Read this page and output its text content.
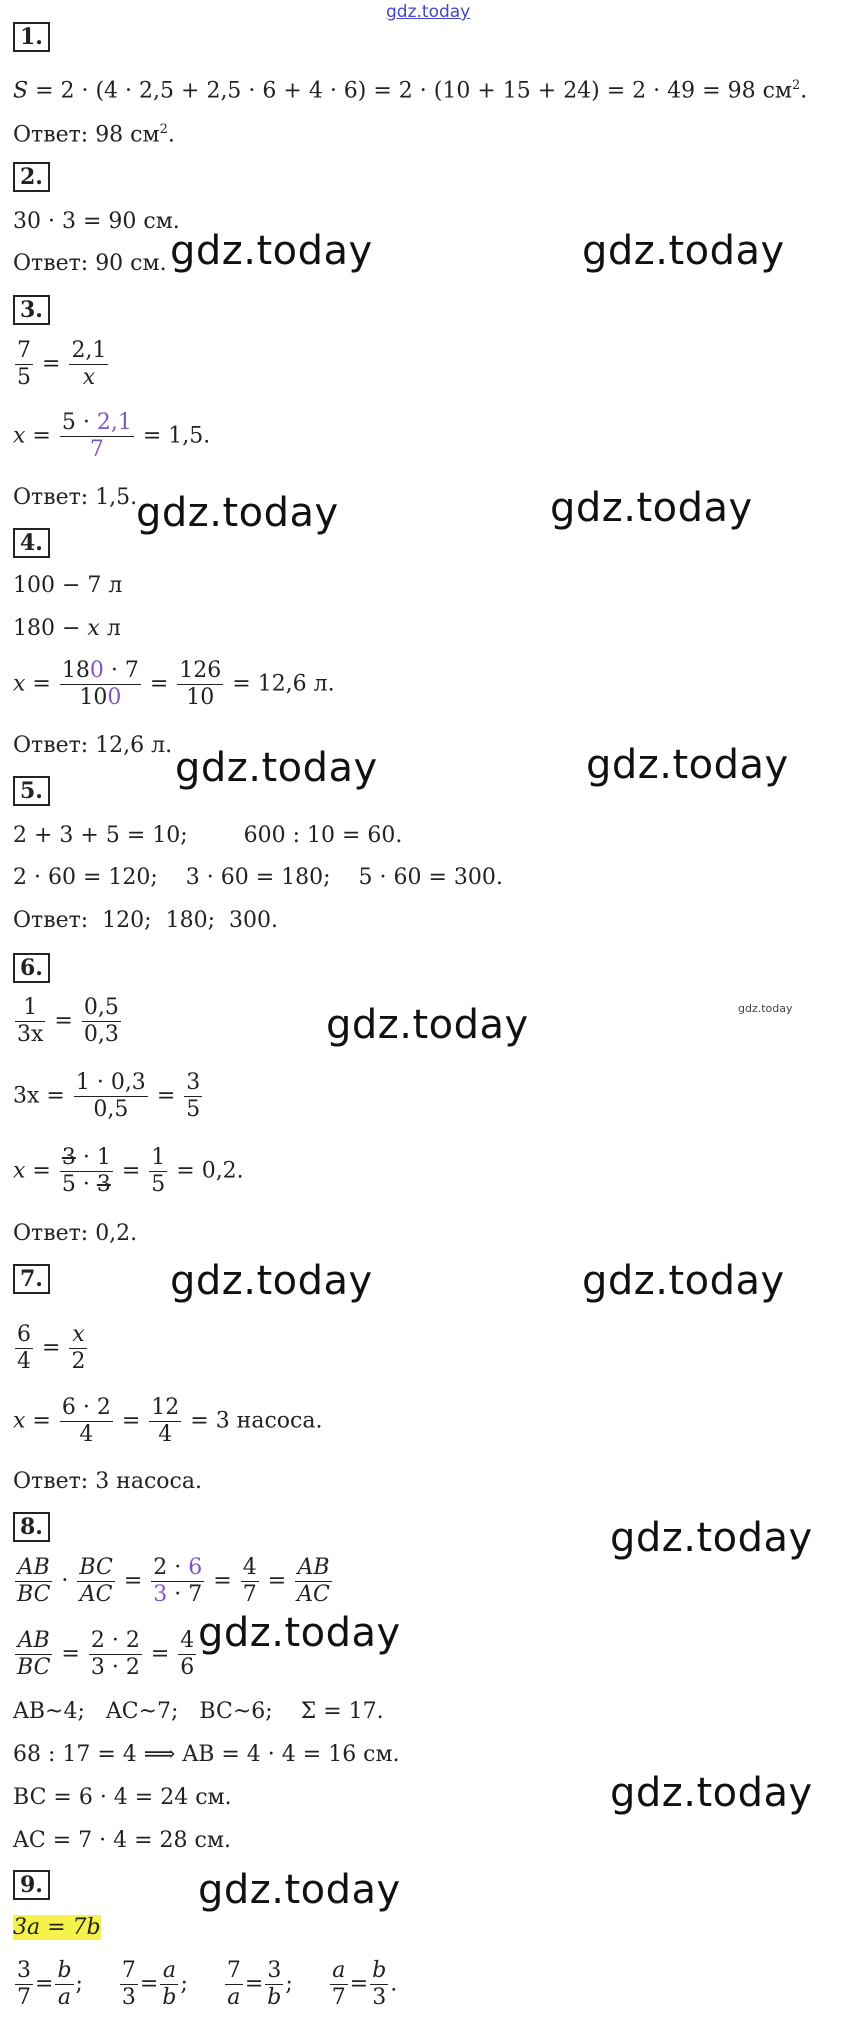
gdz.today
1.
S = 2 · (4 · 2,5 + 2,5 · 6 + 4 · 6) = 2 · (10 + 15 + 24) = 2 · 49 = 98 $см^2$.
Ответ: 98 $см^2$.
2.
30 · 3 = 90 см.
Ответ: 90 см.
3.
$\frac{7}{5} = \frac{2,1}{x}$
$x = \frac{5 \cdot 2,1}{7} = 1,5$.
Ответ: 1,5.
4.
100 − 7 л
180 − x л
$x = \frac{180 \cdot 7}{100} = \frac{126}{10} = 12,6$ л.
Ответ: 12,6 л.
5.
2 + 3 + 5 = 10;        600 : 10 = 60.
2 · 60 = 120;    3 · 60 = 180;    5 · 60 = 300.
Ответ:  120;  180;  300.
6.
$\frac{1}{3x} = \frac{0,5}{0,3}$
$3x = \frac{1 \cdot 0,3}{0,5} = \frac{3}{5}$
$x = \frac{3 \cdot 1}{5 \cdot 3} = \frac{1}{5} = 0,2$.
Ответ: 0,2.
7.
$\frac{6}{4} = \frac{x}{2}$
$x = \frac{6 \cdot 2}{4} = \frac{12}{4} = 3$ насоса.
Ответ: 3 насоса.
8.
$\frac{AB}{BC} \cdot \frac{BC}{AC} = \frac{2 \cdot 6}{3 \cdot 7} = \frac{4}{7} = \frac{AB}{AC}$
$\frac{AB}{BC} = \frac{2 \cdot 2}{3 \cdot 2} = \frac{4}{6}$
AB~4;   AC~7;   BC~6;    Σ = 17.
68 : 17 = 4 ⟹ AB = 4 · 4 = 16 см.
BC = 6 · 4 = 24 см.
AC = 7 · 4 = 28 см.
9.
3a = 7b
$\frac{3}{7} = \frac{b}{a}$ ; $\frac{7}{3} = \frac{a}{b}$ ; $\frac{7}{a} = \frac{3}{b}$ ; $\frac{a}{7} = \frac{b}{3}$ .
gdz.today	gdz.today
gdz.today	gdz.today
gdz.today	gdz.today
gdz.today	gdz.today
gdz.today	gdz.today
gdz.today
gdz.today
gdz.today
gdz.today
